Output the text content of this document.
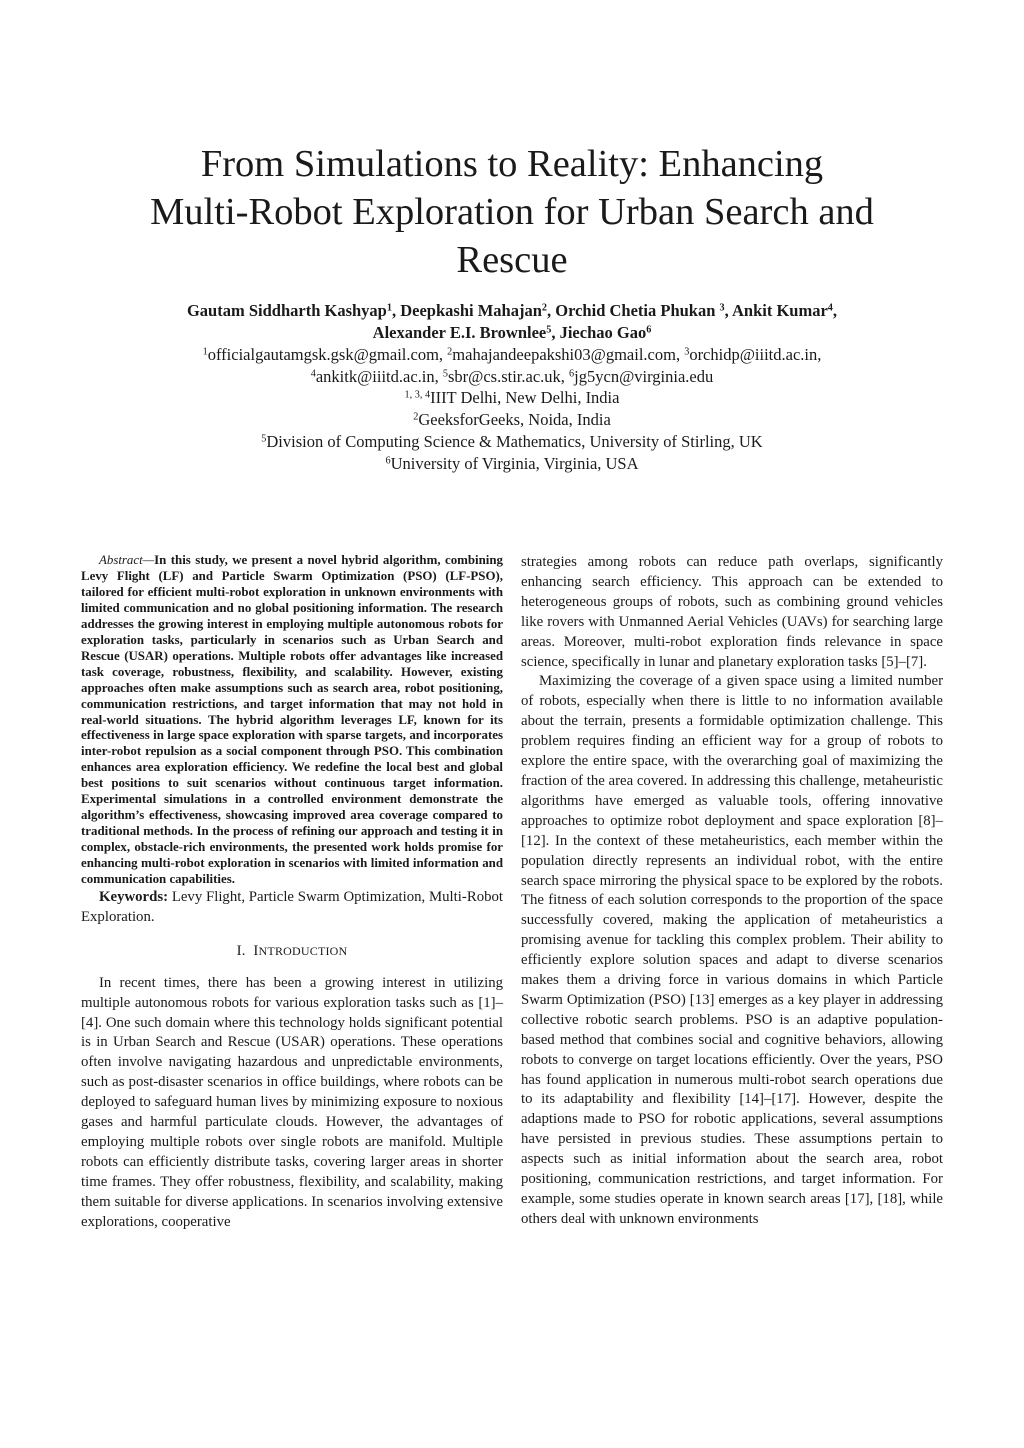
From Simulations to Reality: Enhancing
Multi-Robot Exploration for Urban Search and
Rescue
Gautam Siddharth Kashyap$^1$, Deepkashi Mahajan$^2$, Orchid Chetia Phukan $^3$, Ankit Kumar$^4$,
Alexander E.I. Brownlee$^5$, Jiechao Gao$^6$
$^1$officialgautamgsk.gsk@gmail.com, $^2$mahajandeepakshi03@gmail.com, $^3$orchidp@iiitd.ac.in,
$^4$ankitk@iiitd.ac.in, $^5$sbr@cs.stir.ac.uk, $^6$jg5ycn@virginia.edu
$^{1, 3, 4}$IIIT Delhi, New Delhi, India
$^2$GeeksforGeeks, Noida, India
$^5$Division of Computing Science & Mathematics, University of Stirling, UK
$^6$University of Virginia, Virginia, USA

Abstract—In this study, we present a novel hybrid algorithm, combining Levy Flight (LF) and Particle Swarm Optimization (PSO) (LF-PSO), tailored for efficient multi-robot exploration in unknown environments with limited communication and no global positioning information. The research addresses the growing interest in employing multiple autonomous robots for exploration tasks, particularly in scenarios such as Urban Search and Rescue (USAR) operations. Multiple robots offer advantages like increased task coverage, robustness, flexibility, and scalability. However, existing approaches often make assumptions such as search area, robot positioning, communication restrictions, and target information that may not hold in real-world situations. The hybrid algorithm leverages LF, known for its effectiveness in large space exploration with sparse targets, and incorporates inter-robot repulsion as a social component through PSO. This combination enhances area exploration efficiency. We redefine the local best and global best positions to suit scenarios without continuous target information. Experimental simulations in a controlled environment demonstrate the algorithm’s effectiveness, showcasing improved area coverage compared to traditional methods. In the process of refining our approach and testing it in complex, obstacle-rich environments, the presented work holds promise for enhancing multi-robot exploration in scenarios with limited information and communication capabilities.

Keywords: Levy Flight, Particle Swarm Optimization, Multi-Robot Exploration.

I. INTRODUCTION

In recent times, there has been a growing interest in utilizing multiple autonomous robots for various exploration tasks such as [1]–[4]. One such domain where this technology holds significant potential is in Urban Search and Rescue (USAR) operations. These operations often involve navigating hazardous and unpredictable environments, such as post-disaster scenarios in office buildings, where robots can be deployed to safeguard human lives by minimizing exposure to noxious gases and harmful particulate clouds. However, the advantages of employing multiple robots over single robots are manifold. Multiple robots can efficiently distribute tasks, covering larger areas in shorter time frames. They offer robustness, flexibility, and scalability, making them suitable for diverse applications. In scenarios involving extensive explorations, cooperative

strategies among robots can reduce path overlaps, significantly enhancing search efficiency. This approach can be extended to heterogeneous groups of robots, such as combining ground vehicles like rovers with Unmanned Aerial Vehicles (UAVs) for searching large areas. Moreover, multi-robot exploration finds relevance in space science, specifically in lunar and planetary exploration tasks [5]–[7].

Maximizing the coverage of a given space using a limited number of robots, especially when there is little to no information available about the terrain, presents a formidable optimization challenge. This problem requires finding an efficient way for a group of robots to explore the entire space, with the overarching goal of maximizing the fraction of the area covered. In addressing this challenge, metaheuristic algorithms have emerged as valuable tools, offering innovative approaches to optimize robot deployment and space exploration [8]–[12]. In the context of these metaheuristics, each member within the population directly represents an individual robot, with the entire search space mirroring the physical space to be explored by the robots. The fitness of each solution corresponds to the proportion of the space successfully covered, making the application of metaheuristics a promising avenue for tackling this complex problem. Their ability to efficiently explore solution spaces and adapt to diverse scenarios makes them a driving force in various domains in which Particle Swarm Optimization (PSO) [13] emerges as a key player in addressing collective robotic search problems. PSO is an adaptive population-based method that combines social and cognitive behaviors, allowing robots to converge on target locations efficiently. Over the years, PSO has found application in numerous multi-robot search operations due to its adaptability and flexibility [14]–[17]. However, despite the adaptions made to PSO for robotic applications, several assumptions have persisted in previous studies. These assumptions pertain to aspects such as initial information about the search area, robot positioning, communication restrictions, and target information. For example, some studies operate in known search areas [17], [18], while others deal with unknown environments
